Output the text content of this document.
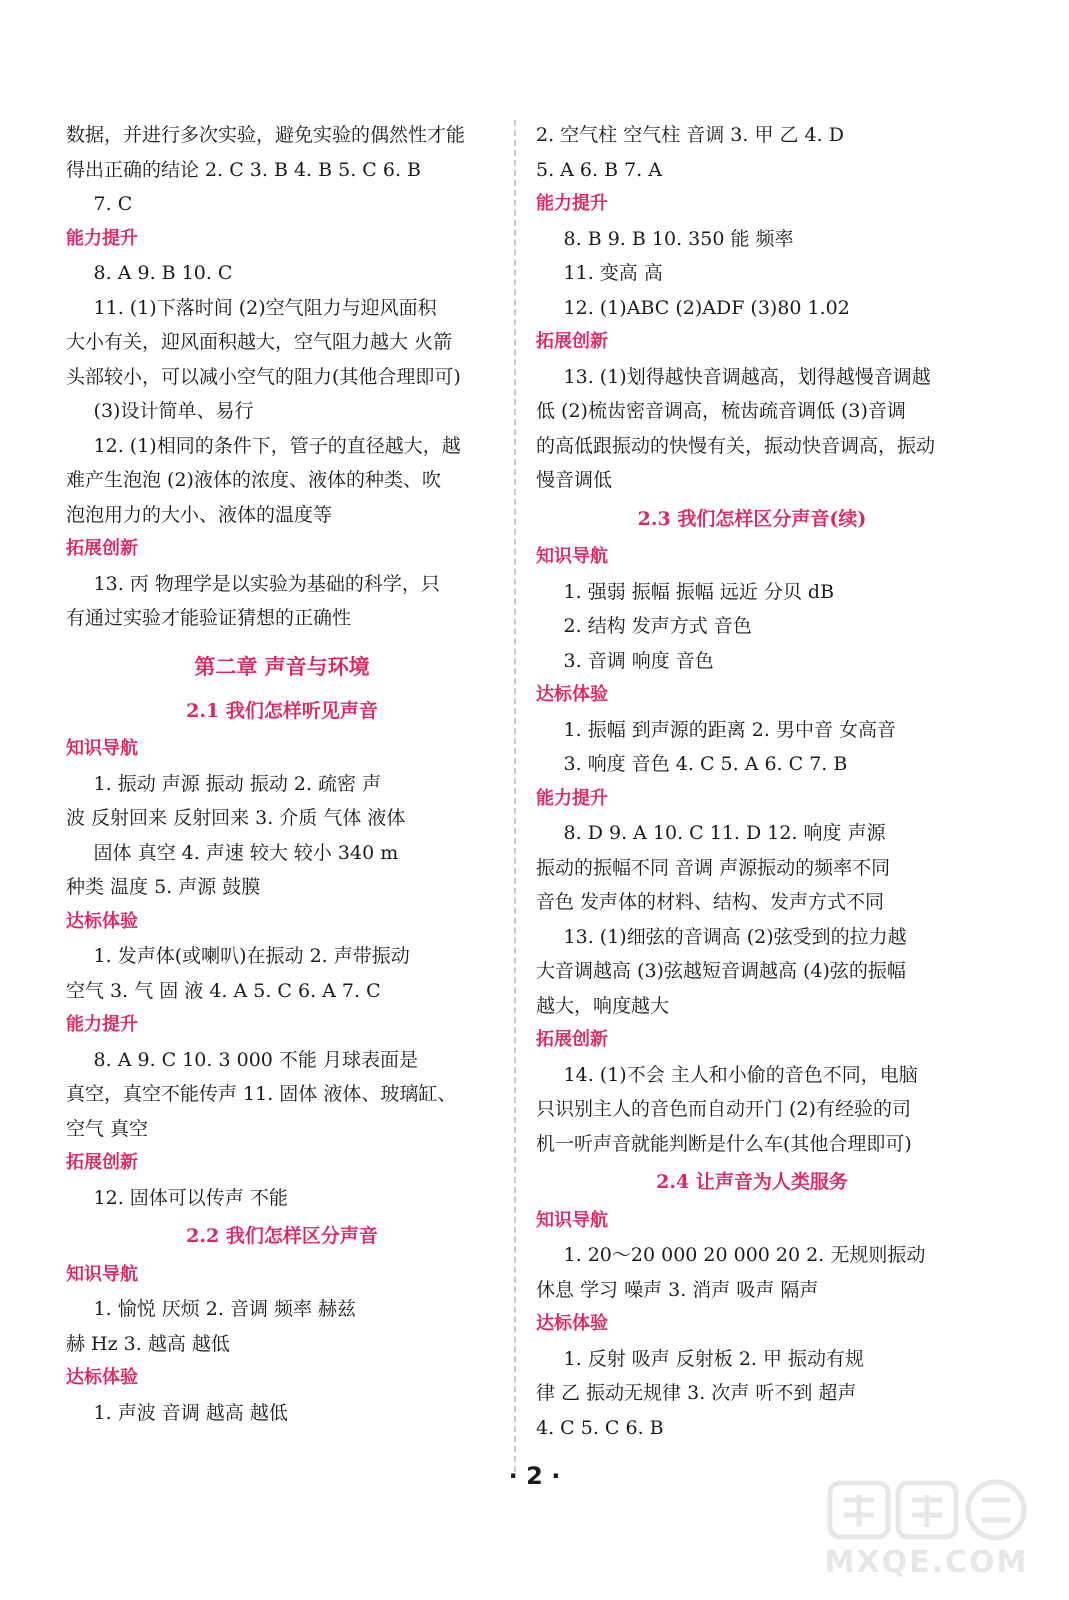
数据，并进行多次实验，避免实验的偶然性才能
得出正确的结论 2. C 3. B 4. B 5. C 6. B
7. C
能力提升
8. A 9. B 10. C
11. (1)下落时间 (2)空气阻力与迎风面积
大小有关，迎风面积越大，空气阻力越大 火箭
头部较小，可以减小空气的阻力(其他合理即可)
(3)设计简单、易行
12. (1)相同的条件下，管子的直径越大，越
难产生泡泡 (2)液体的浓度、液体的种类、吹
泡泡用力的大小、液体的温度等
拓展创新
13. 丙 物理学是以实验为基础的科学，只
有通过实验才能验证猜想的正确性
第二章 声音与环境
2.1 我们怎样听见声音
知识导航
1. 振动 声源 振动 振动 2. 疏密 声
波 反射回来 反射回来 3. 介质 气体 液体
固体 真空 4. 声速 较大 较小 340 m
种类 温度 5. 声源 鼓膜
达标体验
1. 发声体(或喇叭)在振动 2. 声带振动
空气 3. 气 固 液 4. A 5. C 6. A 7. C
能力提升
8. A 9. C 10. 3 000 不能 月球表面是
真空，真空不能传声 11. 固体 液体、玻璃缸、
空气 真空
拓展创新
12. 固体可以传声 不能
2.2 我们怎样区分声音
知识导航
1. 愉悦 厌烦 2. 音调 频率 赫兹
赫 Hz 3. 越高 越低
达标体验
1. 声波 音调 越高 越低
2. 空气柱 空气柱 音调 3. 甲 乙 4. D
5. A 6. B 7. A
能力提升
8. B 9. B 10. 350 能 频率
11. 变高 高
12. (1)ABC (2)ADF (3)80 1.02
拓展创新
13. (1)划得越快音调越高，划得越慢音调越
低 (2)梳齿密音调高，梳齿疏音调低 (3)音调
的高低跟振动的快慢有关，振动快音调高，振动
慢音调低
2.3 我们怎样区分声音(续)
知识导航
1. 强弱 振幅 振幅 远近 分贝 dB
2. 结构 发声方式 音色
3. 音调 响度 音色
达标体验
1. 振幅 到声源的距离 2. 男中音 女高音
3. 响度 音色 4. C 5. A 6. C 7. B
能力提升
8. D 9. A 10. C 11. D 12. 响度 声源
振动的振幅不同 音调 声源振动的频率不同
音色 发声体的材料、结构、发声方式不同
13. (1)细弦的音调高 (2)弦受到的拉力越
大音调越高 (3)弦越短音调越高 (4)弦的振幅
越大，响度越大
拓展创新
14. (1)不会 主人和小偷的音色不同，电脑
只识别主人的音色而自动开门 (2)有经验的司
机一听声音就能判断是什么车(其他合理即可)
2.4 让声音为人类服务
知识导航
1. 20～20 000 20 000 20 2. 无规则振动
休息 学习 噪声 3. 消声 吸声 隔声
达标体验
1. 反射 吸声 反射板 2. 甲 振动有规
律 乙 振动无规律 3. 次声 听不到 超声
4. C 5. C 6. B
· 2 ·
MXQE.COM
